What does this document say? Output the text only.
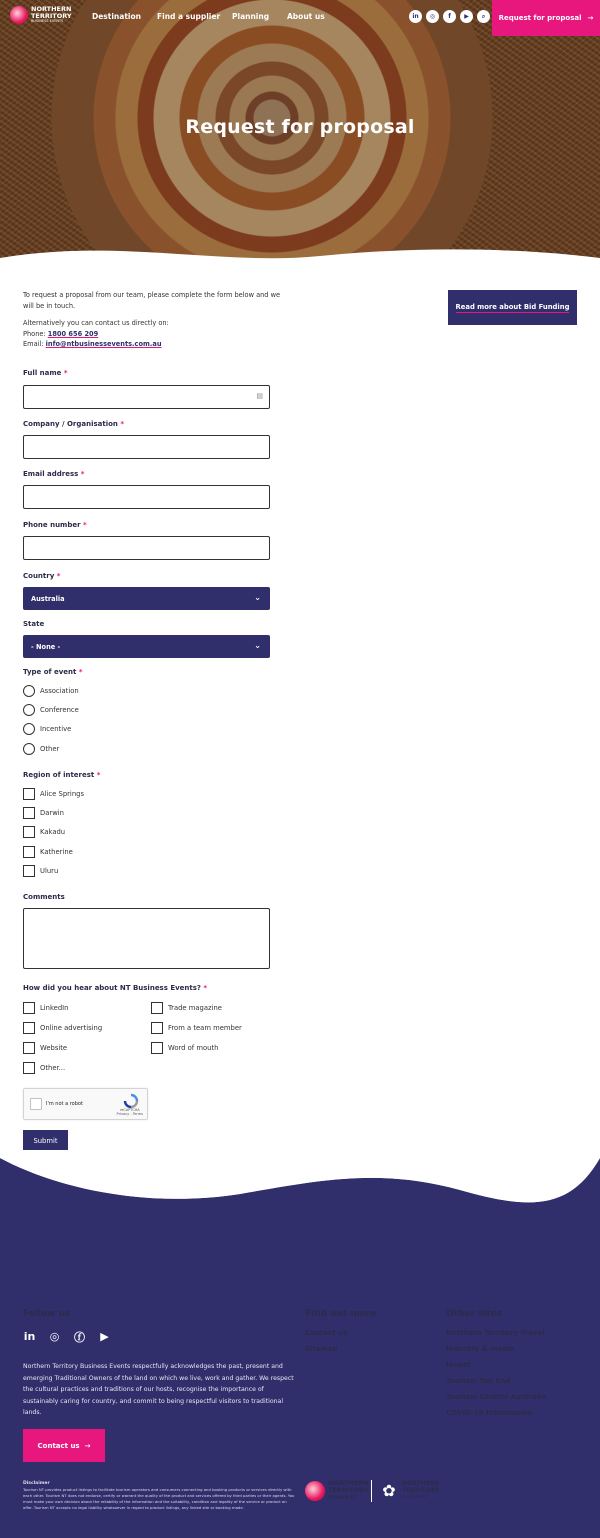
Request for proposal
NORTHERN
TERRITORY
BUSINESS EVENTS
Destination Find a supplier Planning About us	in	◎	f	▶	⌕	Request for proposal →

To request a proposal from our team, please complete the form below and we will be in touch.

Alternatively you can contact us directly on:

Phone: 1800 656 209
Email: info@ntbusinessevents.com.au
Read more about Bid Funding
Full name *
▤
Company / Organisation *
Email address *
Phone number *
Country *
Australia	⌄
State
- None -	⌄
Type of event *
Association
Conference
Incentive
Other
Region of interest *
Alice Springs
Darwin
Kakadu
Katherine
Uluru
Comments
How did you hear about NT Business Events? *
LinkedIn
Online advertising
Website
Other...
Trade magazine
From a team member
Word of mouth
I'm not a robot
reCAPTCHA
Privacy - Terms
Submit
Follow us
in ◎ ⓕ ▶
Northern Territory Business Events respectfully acknowledges the past, present and emerging Traditional Owners of the land on which we live, work and gather. We respect the cultural practices and traditions of our hosts, recognise the importance of sustainably caring for country, and commit to being respectful visitors to traditional lands.
Contact us →
Disclaimer
Tourism NT provides product listings to facilitate tourism operators and consumers connecting and booking products or services directly with each other. Tourism NT does not endorse, certify or warrant the quality of the product and services offered by third parties or their agents. You must make your own decision about the reliability of the information and the suitability, condition and legality of the service or product on offer. Tourism NT accepts no legal liability whatsoever in regard to product listings, any linked site or booking made.
Find out more
Contact us
Sitemap
Other sites
Northern Territory Travel
Industry & media
Invest
Tourism Top End
Tourism Central Australia
COVID-19 Information
NORTHERN
TERRITORY
TOURISM NT	✿	NORTHERN
TERRITORY
GOVERNMENT
